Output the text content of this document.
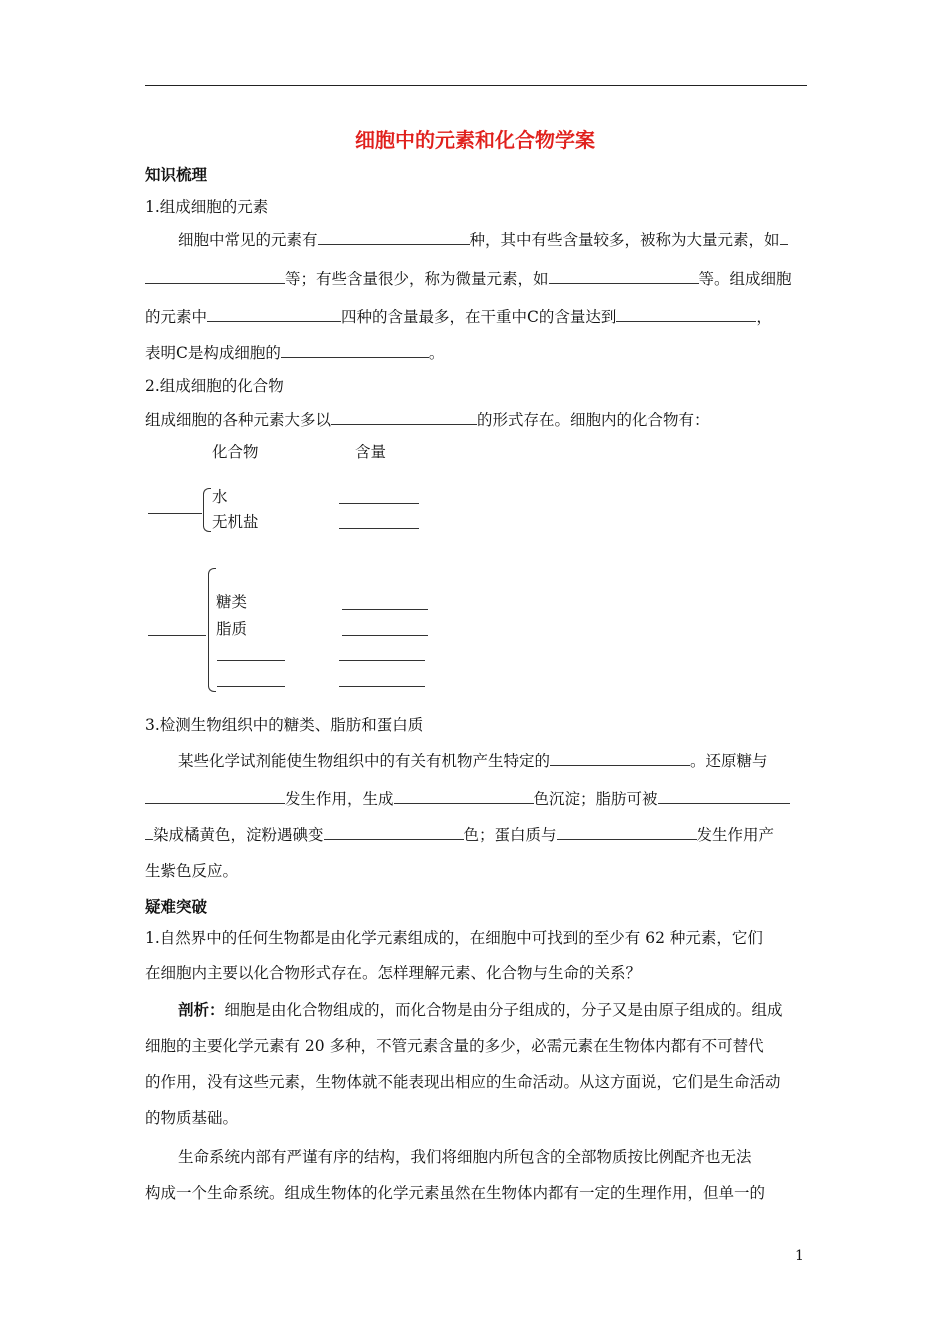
细胞中的元素和化合物学案
知识梳理
1.组成细胞的元素
细胞中常见的元素有	种，其中有些含量较多，被称为大量元素，如
等；有些含量很少，称为微量元素，如	等。组成细胞
的元素中	四种的含量最多，在干重中C的含量达到	，
表明C是构成细胞的	。
2.组成细胞的化合物
组成细胞的各种元素大多以	的形式存在。细胞内的化合物有：
化合物	含量
水
无机盐
糖类
脂质
3.检测生物组织中的糖类、脂肪和蛋白质
某些化学试剂能使生物组织中的有关有机物产生特定的	。还原糖与
发生作用，生成	色沉淀；脂肪可被
染成橘黄色，淀粉遇碘变	色；蛋白质与	发生作用产
生紫色反应。
疑难突破
1.自然界中的任何生物都是由化学元素组成的，在细胞中可找到的至少有 62 种元素，它们
在细胞内主要以化合物形式存在。怎样理解元素、化合物与生命的关系？
剖析：细胞是由化合物组成的，而化合物是由分子组成的，分子又是由原子组成的。组成
细胞的主要化学元素有 20 多种，不管元素含量的多少，必需元素在生物体内都有不可替代
的作用，没有这些元素，生物体就不能表现出相应的生命活动。从这方面说，它们是生命活动
的物质基础。
生命系统内部有严谨有序的结构，我们将细胞内所包含的全部物质按比例配齐也无法
构成一个生命系统。组成生物体的化学元素虽然在生物体内都有一定的生理作用，但单一的
1
